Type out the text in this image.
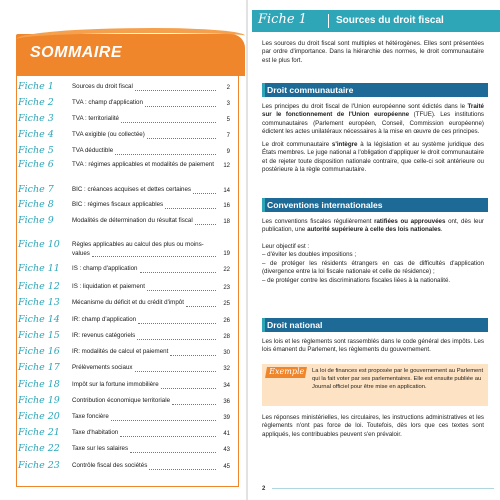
SOMMAIRE
Fiche 1	Sources du droit fiscal	2
Fiche 2	TVA : champ d'application	3
Fiche 3	TVA : territorialité	5
Fiche 4	TVA exigible (ou collectée)	7
Fiche 5	TVA déductible	9
Fiche 6	TVA : régimes applicables et modalités de paiement 12
Fiche 7	BIC : créances acquises et dettes certaines	14
Fiche 8	BIC : régimes fiscaux applicables	16
Fiche 9	Modalités de détermination du résultat fiscal	18
Fiche 10	Règles applicables au calcul des plus ou moins-values	19
Fiche 11	IS : champ d'application	22
Fiche 12	IS : liquidation et paiement	23
Fiche 13	Mécanisme du déficit et du crédit d'impôt	25
Fiche 14	IR: champ d'application	26
Fiche 15	IR: revenus catégoriels	28
Fiche 16	IR: modalités de calcul et paiement	30
Fiche 17	Prélèvements sociaux	32
Fiche 18	Impôt sur la fortune immobilière	34
Fiche 19	Contribution économique territoriale	36
Fiche 20	Taxe foncière	39
Fiche 21	Taxe d'habitation	41
Fiche 22	Taxe sur les salaires	43
Fiche 23	Contrôle fiscal des sociétés	45
Fiche 1	Sources du droit fiscal

Les sources du droit fiscal sont multiples et hétérogènes. Elles sont présentées par ordre d'importance. Dans la hiérarchie des normes, le droit communautaire est le plus fort.

Droit communautaire

Les principes du droit fiscal de l'Union européenne sont édictés dans le Traité sur le fonctionnement de l'Union européenne (TFUE). Les institutions communautaires (Parlement européen, Conseil, Commission européenne) édictent les actes unilatéraux nécessaires à la mise en œuvre de ces principes.

Le droit communautaire s'intègre à la législation et au système juridique des États membres. Le juge national a l'obligation d'appliquer le droit communautaire et de rejeter toute disposition nationale contraire, que celle-ci soit antérieure ou postérieure à la règle communautaire.

Conventions internationales

Les conventions fiscales régulièrement ratifiées ou approuvées ont, dès leur publication, une autorité supérieure à celle des lois nationales.

Leur objectif est :
– d'éviter les doubles impositions ;
– de protéger les résidents étrangers en cas de difficultés d'application (divergence entre la loi fiscale nationale et celle de résidence) ;
– de protéger contre les discriminations fiscales liées à la nationalité.
Droit national

Les lois et les règlements sont rassemblés dans le code général des impôts. Les lois émanent du Parlement, les règlements du gouvernement.

Exemple La loi de finances est proposée par le gouvernement au Parlement qui la fait voter par ses parlementaires. Elle est ensuite publiée au Journal officiel pour être mise en application.

Les réponses ministérielles, les circulaires, les instructions administratives et les règlements n'ont pas force de loi. Toutefois, dès lors que ces textes sont appliqués, les contribuables peuvent s'en prévaloir.

2
